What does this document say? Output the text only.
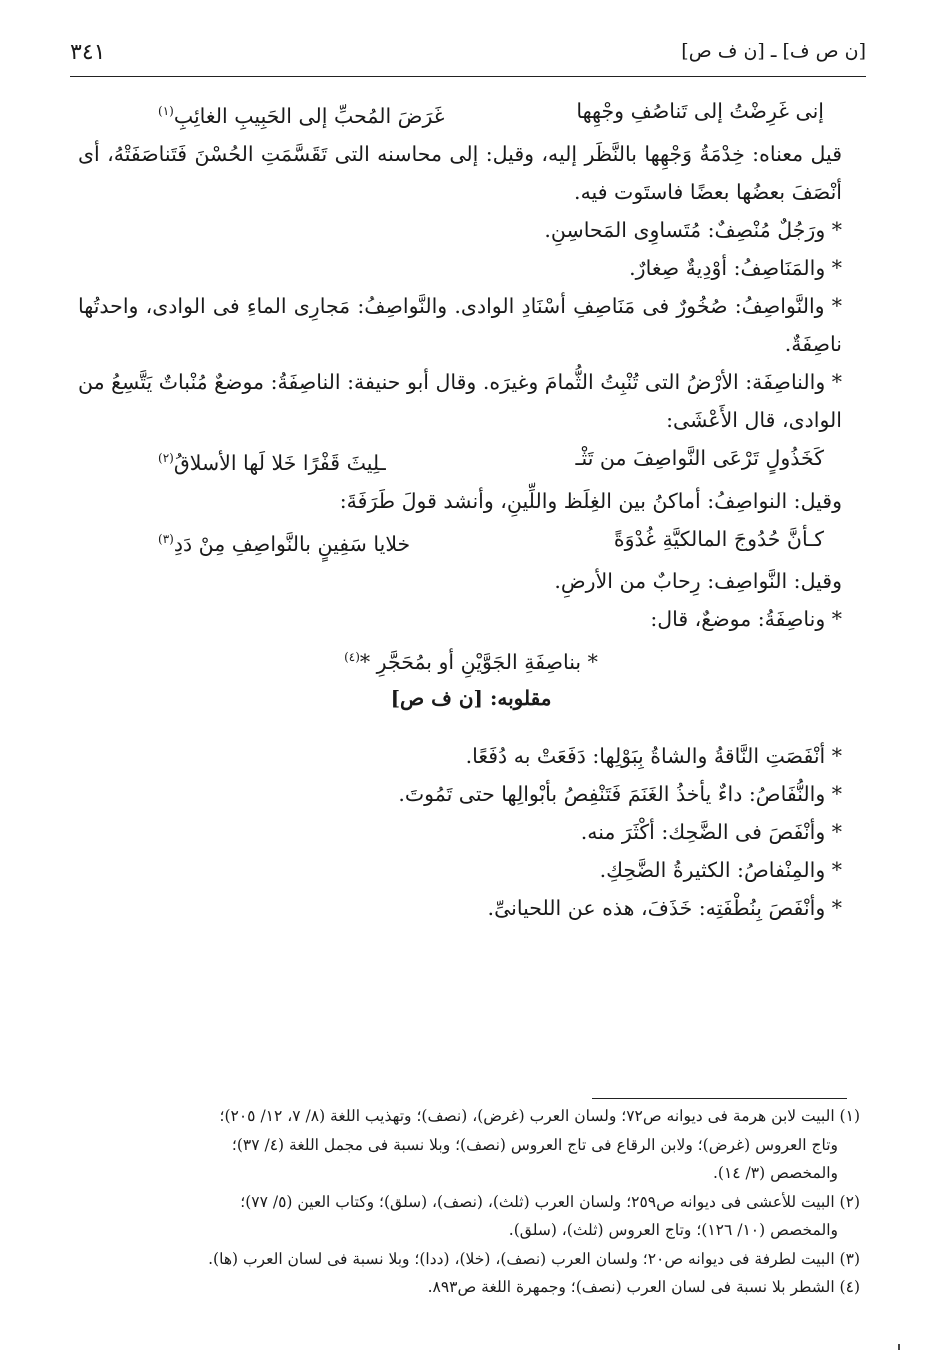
[ن ص ف] ـ [ن ف ص]
٣٤١
إنى غَرِضْتُ إلى تَناصُفِ وجْهِها
غَرَضَ المُحبِّ إلى الحَبِيبِ الغائِبِ$^{(١)}$

قيل معناه: خِدْمَةُ وَجْهِها بالنَّظَر إليه، وقيل: إلى محاسنه التى تَقَسَّمَتِ الحُسْنَ فَتَناصَفَتْهُ، أى أنْصَفَ بعضُها بعضًا فاستَوت فيه.

* ورَجُلٌ مُنْصِفٌ: مُتَساوِى المَحاسِنِ.

* والمَنَاصِفُ: أوْدِيةٌ صِغارٌ.

* والنَّواصِفُ: صُخُورٌ فى مَنَاصِفِ أسْنَادِ الوادى. والنَّواصِفُ: مَجارِى الماءِ فى الوادى، واحدتُها ناصِفَةٌ.

* والناصِفَة: الأرْضُ التى تُنْبِتُ الثُّمامَ وغيرَه. وقال أبو حنيفة: الناصِفَةُ: موضعٌ مُنْباتٌ يَتَّسِعُ من الوادى، قال الأَعْشَى:

كَخَذُولٍ تَرْعَى النَّواصِفَ من تَثْـ
ـلِيثَ قَفْرًا خَلا لَها الأسلاقُ$^{(٢)}$

وقيل: النواصِفُ: أماكنُ بين الغِلَظ واللِّينِ، وأنشد قولَ طَرَفَةَ:

كـأنَّ حُدُوجَ المالكيَّةِ غُدْوَةً
خلايا سَفِينٍ بالنَّواصِفِ مِنْ دَدِ$^{(٣)}$

وقيل: النَّواصِف: رِحابٌ من الأرضِ.

* وناصِفَةُ: موضعٌ، قال:

* بناصِفَةِ الجَوَّيْنِ أو بمُحَجَّرِ *$^{(٤)}$

مقلوبه: [ن ف ص]

* أنْفَصَتِ النَّاقةُ والشاةُ بِبَوْلِها: دَفَعَتْ به دُفَعًا.

* والنُّفَاصُ: داءٌ يأخذُ الغَنَمَ فَتَنْفِصُ بأبْوالِها حتى تَمُوتَ.

* وأنْفَصَ فى الضَّحِك: أكْثَرَ منه.

* والمِنْفاصُ: الكثيرةُ الضَّحِكِ.

* وأنْفَصَ بِنُطْفَتِه: خَذَفَ، هذه عن اللحيانىِّ.

(١) البيت لابن هرمة فى ديوانه ص٧٢؛ ولسان العرب (غرض)، (نصف)؛ وتهذيب اللغة (٨/ ٧، ١٢/ ٢٠٥)؛

وتاج العروس (غرض)؛ ولابن الرقاع فى تاج العروس (نصف)؛ وبلا نسبة فى مجمل اللغة (٤/ ٣٧)؛

والمخصص (٣/ ١٤).

(٢) البيت للأعشى فى ديوانه ص٢٥٩؛ ولسان العرب (ثلث)، (نصف)، (سلق)؛ وكتاب العين (٥/ ٧٧)؛

والمخصص (١٠/ ١٢٦)؛ وتاج العروس (ثلث)، (سلق).

(٣) البيت لطرفة فى ديوانه ص٢٠؛ ولسان العرب (نصف)، (خلا)، (ددا)؛ وبلا نسبة فى لسان العرب (ها).

(٤) الشطر بلا نسبة فى لسان العرب (نصف)؛ وجمهرة اللغة ص٨٩٣.
